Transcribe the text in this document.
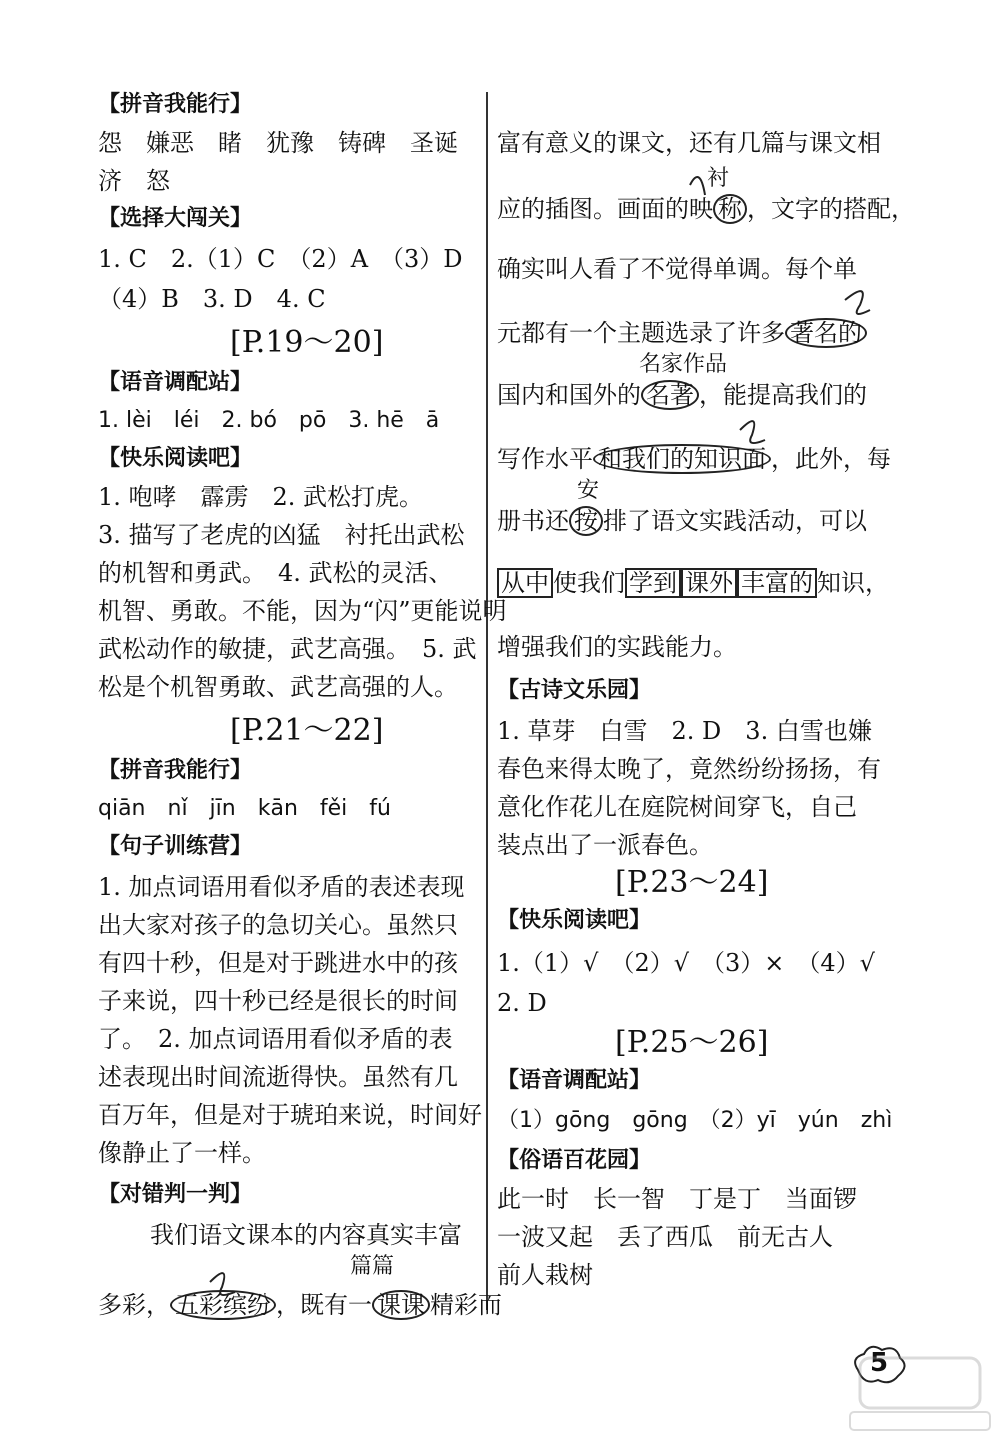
【拼音我能行】
怨　嫌恶　睹　犹豫　铸碑　圣诞
济　怒
【选择大闯关】
1. C　2.（1）C　（2）A　（3）D
（4）B　3. D　4. C
[P.19～20]
【语音调配站】
1. lèi　léi　2. bó　pō　3. hē　ā
【快乐阅读吧】
1. 咆哮　霹雳　2. 武松打虎。
3. 描写了老虎的凶猛　衬托出武松
的机智和勇武。　4. 武松的灵活、
机智、勇敢。不能，因为“闪”更能说明
武松动作的敏捷，武艺高强。　5. 武
松是个机智勇敢、武艺高强的人。
[P.21～22]
【拼音我能行】
qiān　nǐ　jīn　kān　fěi　fú
【句子训练营】
1. 加点词语用看似矛盾的表述表现
出大家对孩子的急切关心。虽然只
有四十秒，但是对于跳进水中的孩
子来说，四十秒已经是很长的时间
了。　2. 加点词语用看似矛盾的表
述表现出时间流逝得快。虽然有几
百万年，但是对于琥珀来说，时间好
像静止了一样。
【对错判一判】
我们语文课本的内容真实丰富
篇篇
多彩， 五彩缤纷 ，既有一 课课 精彩而
富有意义的课文，还有几篇与课文相
衬
应的插图。画面的映 称 ，文字的搭配，
确实叫人看了不觉得单调。每个单
元都有一个主题选录了许多 著名的
名家作品
国内和国外的 名著 ，能提高我们的
写作水平 和我们的知识面 ，此外，每
安
册书还 按 排了语文实践活动，可以
从中 使我们 学到 课外 丰富的 知识，
增强我们的实践能力。
【古诗文乐园】
1. 草芽　白雪　2. D　3. 白雪也嫌
春色来得太晚了，竟然纷纷扬扬，有
意化作花儿在庭院树间穿飞，自己
装点出了一派春色。
[P.23～24]
【快乐阅读吧】
1.（1）√　（2）√　（3）×　（4）√
2. D
[P.25～26]
【语音调配站】
（1）gōng　gōng　（2）yī　yún　zhì
【俗语百花园】
此一时　长一智　丁是丁　当面锣
一波又起　丢了西瓜　前无古人
前人栽树
5
